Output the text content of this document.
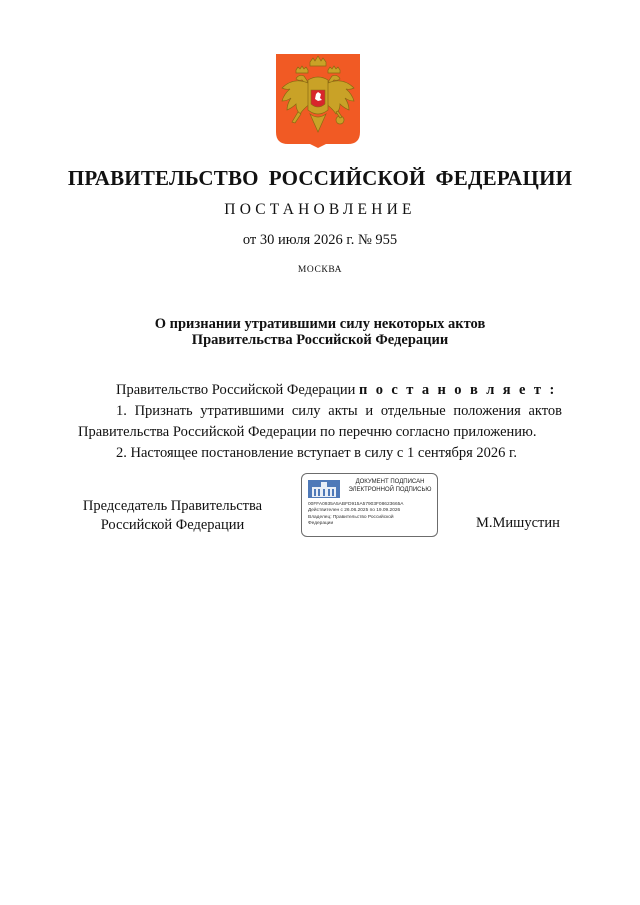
ПРАВИТЕЛЬСТВО РОССИЙСКОЙ ФЕДЕРАЦИИ
ПОСТАНОВЛЕНИЕ
от 30 июля 2026 г. № 955
МОСКВА
О признании утратившими силу некоторых актов
Правительства Российской Федерации

Правительство Российской Федерации п о с т а н о в л я е т :

1. Признать утратившими силу акты и отдельные положения актов

Правительства Российской Федерации по перечню согласно приложению.

2. Настоящее постановление вступает в силу с 1 сентября 2026 г.

Председатель Правительства
Российской Федерации
ДОКУМЕНТ ПОДПИСАН
ЭЛЕКТРОННОЙ ПОДПИСЬЮ
00FFA0935A5ABFD915A57903F08623665A
Действителен с 26.06.2025 по 19.09.2026
Владелец: Правительство Российской
Федерации	М.Мишустин
